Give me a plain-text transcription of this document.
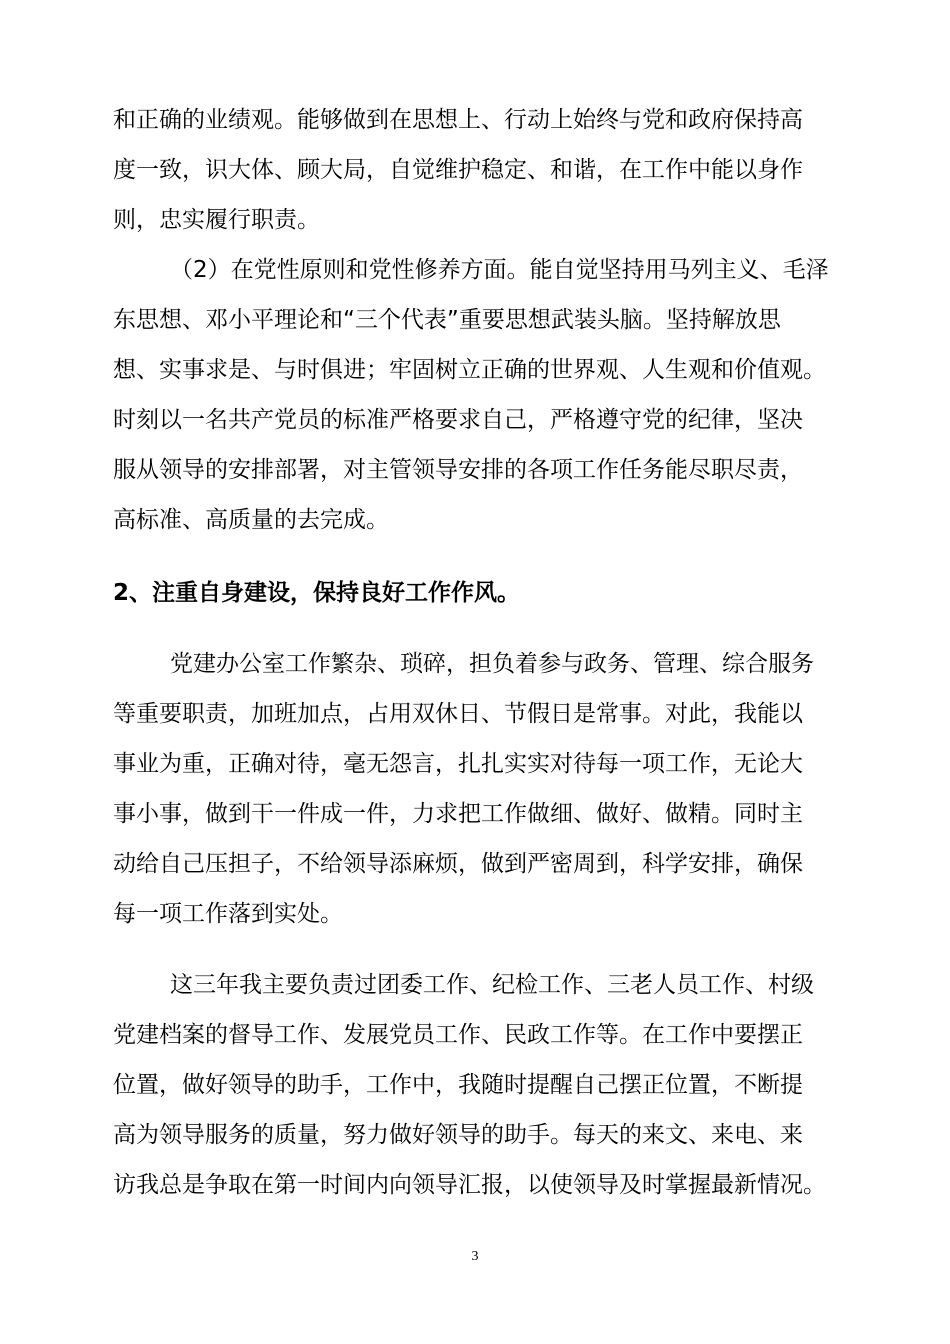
和正确的业绩观。能够做到在思想上、行动上始终与党和政府保持高
度一致，识大体、顾大局，自觉维护稳定、和谐，在工作中能以身作
则，忠实履行职责。
（2）在党性原则和党性修养方面。能自觉坚持用马列主义、毛泽
东思想、邓小平理论和“三个代表”重要思想武装头脑。坚持解放思
想、实事求是、与时俱进；牢固树立正确的世界观、人生观和价值观。
时刻以一名共产党员的标准严格要求自己，严格遵守党的纪律，坚决
服从领导的安排部署，对主管领导安排的各项工作任务能尽职尽责，
高标准、高质量的去完成。
2、注重自身建设，保持良好工作作风。
党建办公室工作繁杂、琐碎，担负着参与政务、管理、综合服务
等重要职责，加班加点，占用双休日、节假日是常事。对此，我能以
事业为重，正确对待，毫无怨言，扎扎实实对待每一项工作，无论大
事小事，做到干一件成一件，力求把工作做细、做好、做精。同时主
动给自己压担子，不给领导添麻烦，做到严密周到，科学安排，确保
每一项工作落到实处。
这三年我主要负责过团委工作、纪检工作、三老人员工作、村级
党建档案的督导工作、发展党员工作、民政工作等。在工作中要摆正
位置，做好领导的助手，工作中，我随时提醒自己摆正位置，不断提
高为领导服务的质量，努力做好领导的助手。每天的来文、来电、来
访我总是争取在第一时间内向领导汇报，以使领导及时掌握最新情况。
3
